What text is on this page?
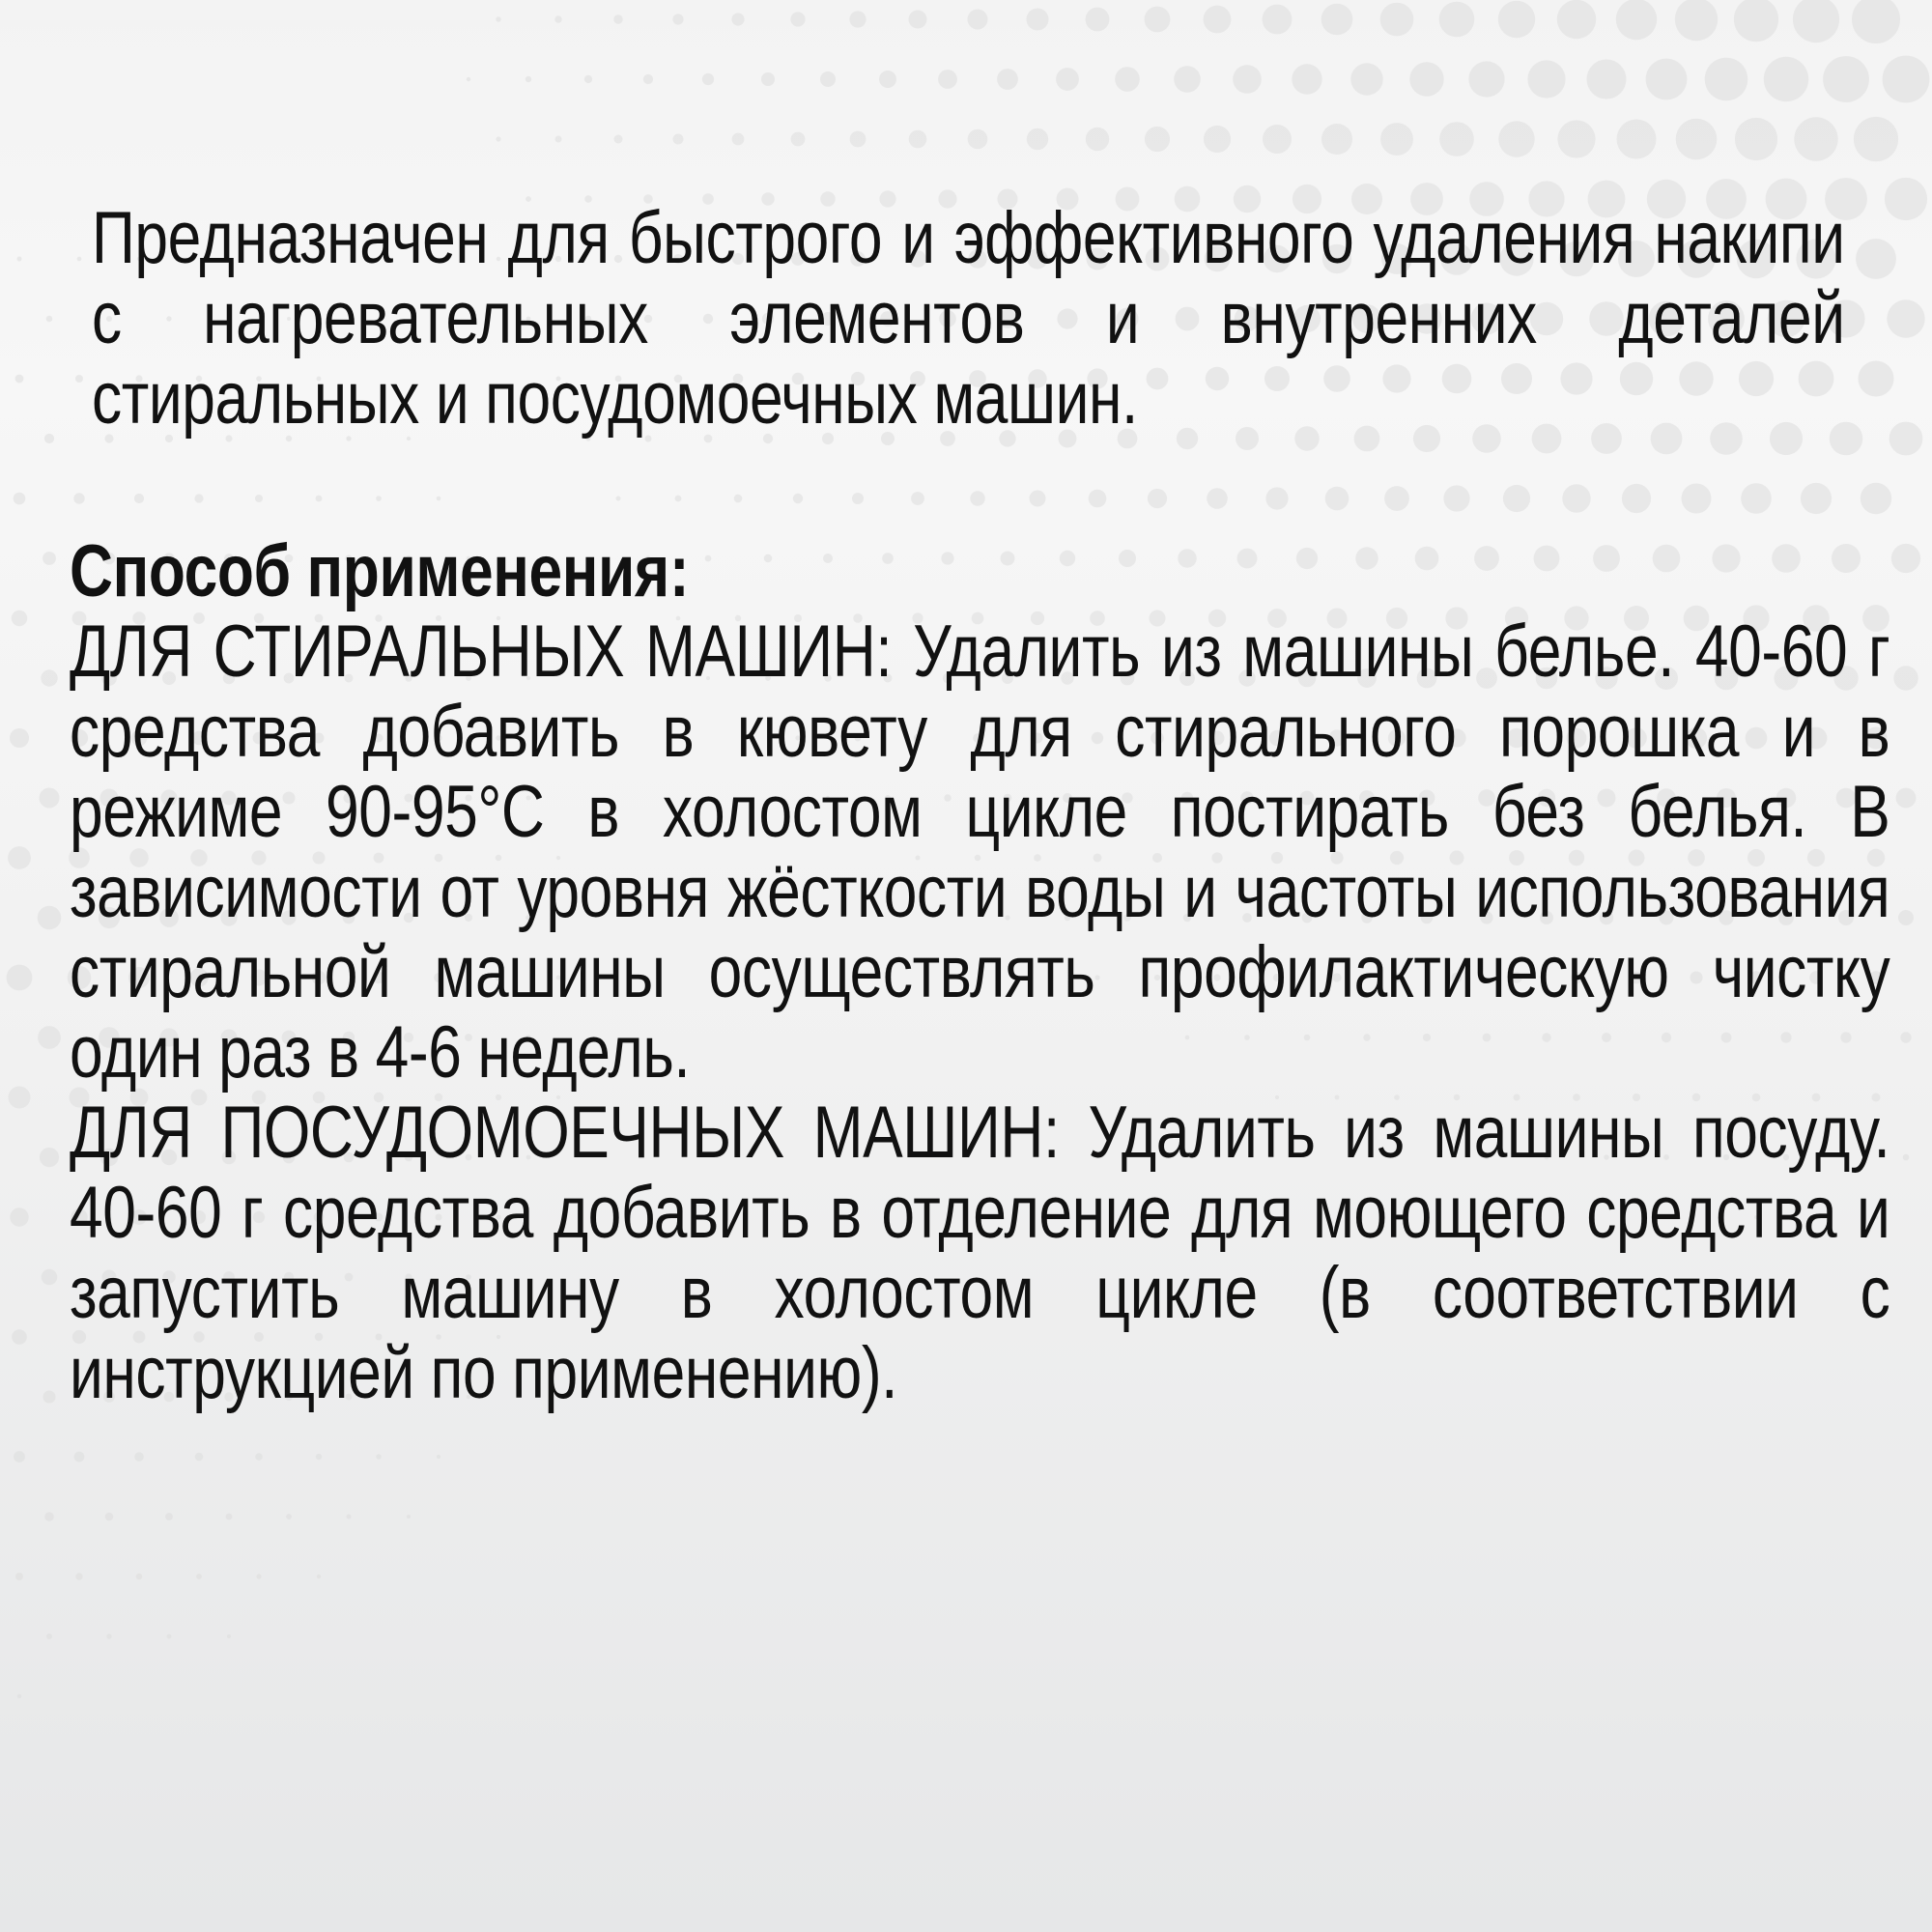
Предназначен для быстрого и эффективного удаления накипи с нагревательных элементов и внутренних деталей стиральных и посудомоечных машин.

Способ применения:
ДЛЯ СТИРАЛЬНЫХ МАШИН: Удалить из машины белье. 40-60 г средства добавить в кювету для стирального порошка и в режиме 90-95°С в холостом цикле постирать без белья. В зависимости от уровня жёсткости воды и частоты использования стиральной машины осуществлять профилактическую чистку один раз в 4-6 недель.
ДЛЯ ПОСУДОМОЕЧНЫХ МАШИН: Удалить из машины посуду. 40-60 г средства добавить в отделение для моющего средства и запустить машину в холостом цикле (в соответствии с инструкцией по применению).
